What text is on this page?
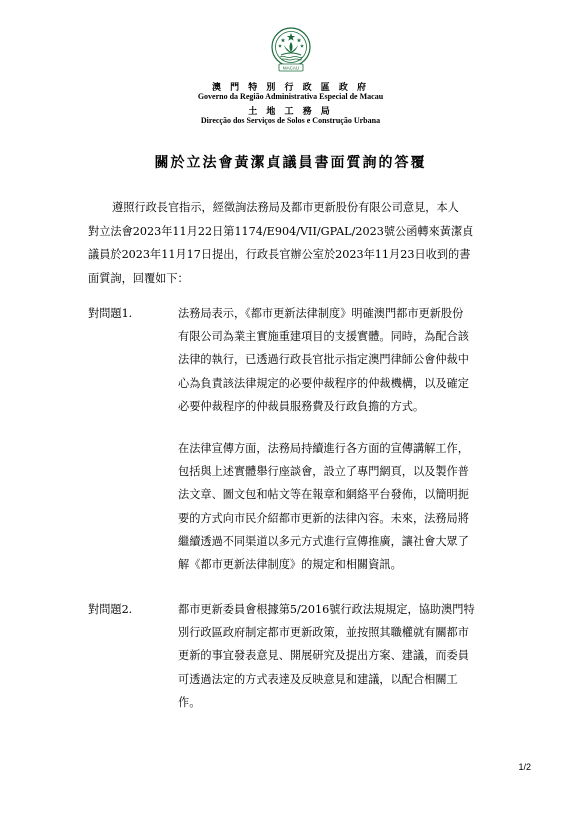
MACAU
澳 門 特 別 行 政 區 政 府
Governo da Região Administrativa Especial de Macau
土 地 工 務 局
Direcção dos Serviços de Solos e Construção Urbana
關於立法會黃潔貞議員書面質詢的答覆
遵照行政長官指示，經徵詢法務局及都市更新股份有限公司意見，本人
對立法會2023年11月22日第1174/E904/VII/GPAL/2023號公函轉來黃潔貞
議員於2023年11月17日提出，行政長官辦公室於2023年11月23日收到的書
面質詢，回覆如下：
對問題1.	法務局表示，《都市更新法律制度》明確澳門都市更新股份
有限公司為業主實施重建項目的支援實體。同時，為配合該
法律的執行，已透過行政長官批示指定澳門律師公會仲裁中
心為負責該法律規定的必要仲裁程序的仲裁機構，以及確定
必要仲裁程序的仲裁員服務費及行政負擔的方式。
在法律宣傳方面，法務局持續進行各方面的宣傳講解工作，
包括與上述實體舉行座談會，設立了專門網頁，以及製作普
法文章、圖文包和帖文等在報章和網絡平台發佈，以簡明扼
要的方式向市民介紹都市更新的法律內容。未來，法務局將
繼續透過不同渠道以多元方式進行宣傳推廣，讓社會大眾了
解《都市更新法律制度》的規定和相關資訊。
對問題2.	都市更新委員會根據第5/2016號行政法規規定，協助澳門特
別行政區政府制定都市更新政策，並按照其職權就有關都市
更新的事宜發表意見、開展研究及提出方案、建議，而委員
可透過法定的方式表達及反映意見和建議，以配合相關工
作。
1/2
